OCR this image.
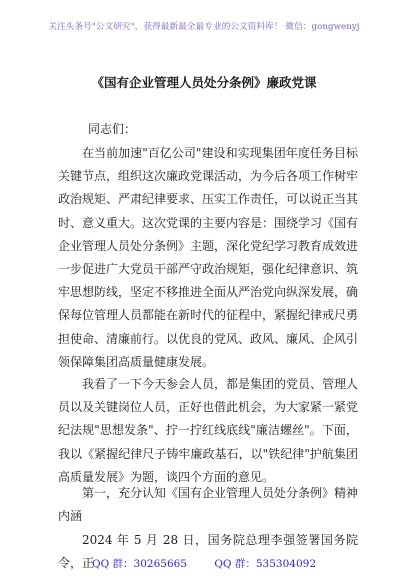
关注头条号"公文研究"，获得最新最全最专业的公文资料库！ 微信：gongwenyj
《国有企业管理人员处分条例》廉政党课
同志们：

在当前加速"百亿公司"建设和实现集团年度任务目标关键节点，组织这次廉政党课活动，为今后各项工作树牢政治规矩、严肃纪律要求、压实工作责任，可以说正当其时、意义重大。这次党课的主要内容是：围绕学习《国有企业管理人员处分条例》主题，深化党纪学习教育成效进一步促进广大党员干部严守政治规矩，强化纪律意识、筑牢思想防线，坚定不移推进全面从严治党向纵深发展，确保每位管理人员都能在新时代的征程中，紧握纪律戒尺勇担使命、清廉前行。以优良的党风、政风、廉风、企风引领保障集团高质量健康发展。

我看了一下今天参会人员，都是集团的党员、管理人员以及关键岗位人员，正好也借此机会，为大家紧一紧党纪法规"思想发条"、拧一拧红线底线"廉洁螺丝"。下面，我以《紧握纪律尺子铸牢廉政基石，以"铁纪律"护航集团高质量发展》为题，谈四个方面的意见。

第一，充分认知《国有企业管理人员处分条例》精神内涵

2024 年 5 月 28 日，国务院总理李强签署国务院令，正

QQ 群：30265665	QQ 群：535304092
